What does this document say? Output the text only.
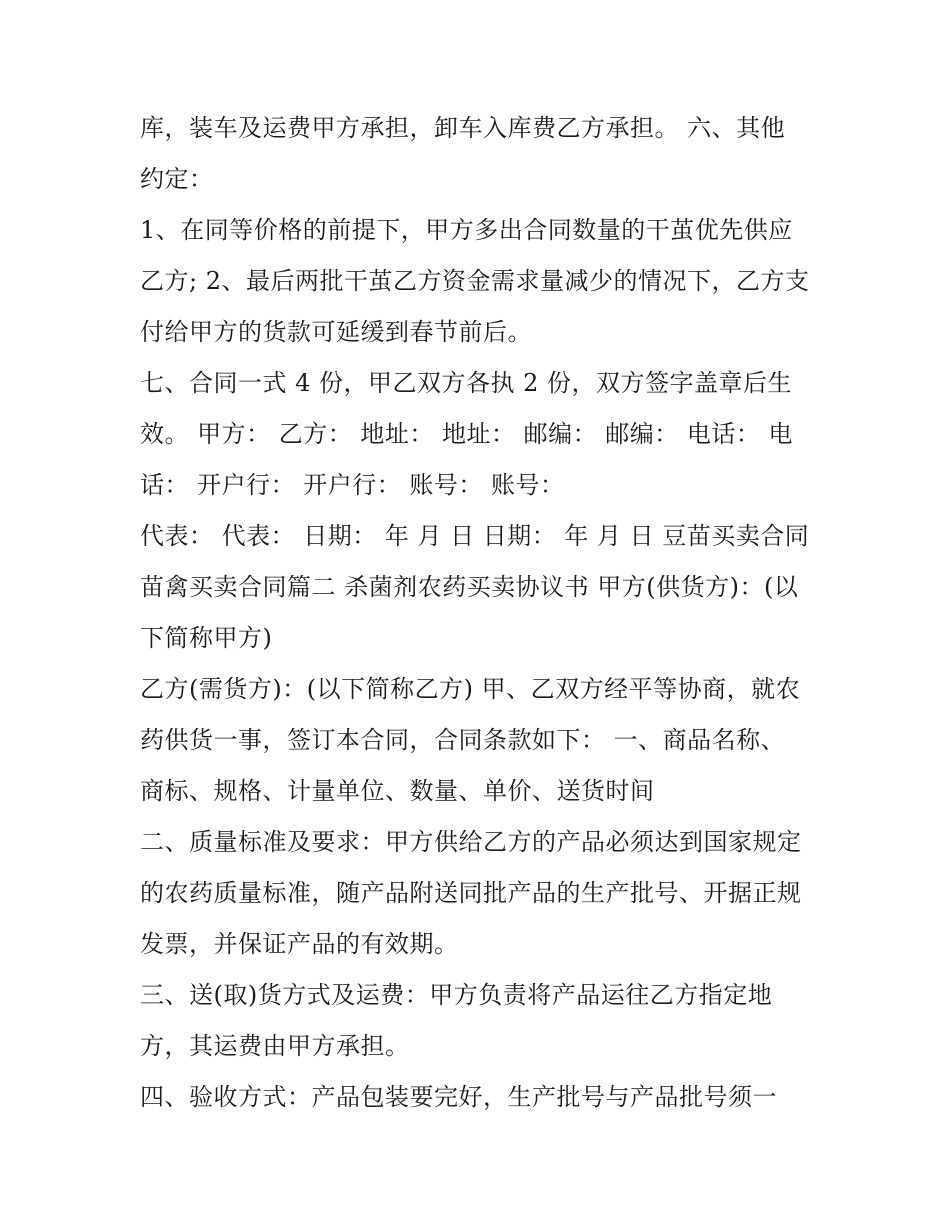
库，装车及运费甲方承担，卸车入库费乙方承担。 六、其他
约定：
1、在同等价格的前提下，甲方多出合同数量的干茧优先供应
乙方; 2、最后两批干茧乙方资金需求量减少的情况下，乙方支
付给甲方的货款可延缓到春节前后。
七、合同一式 4 份，甲乙双方各执 2 份，双方签字盖章后生
效。 甲方： 乙方： 地址： 地址： 邮编： 邮编： 电话： 电
话： 开户行： 开户行： 账号： 账号：
代表： 代表： 日期： 年 月 日 日期： 年 月 日 豆苗买卖合同
苗禽买卖合同篇二 杀菌剂农药买卖协议书 甲方(供货方)：(以
下简称甲方)
乙方(需货方)：(以下简称乙方) 甲、乙双方经平等协商，就农
药供货一事，签订本合同，合同条款如下： 一、商品名称、
商标、规格、计量单位、数量、单价、送货时间
二、质量标准及要求：甲方供给乙方的产品必须达到国家规定
的农药质量标准，随产品附送同批产品的生产批号、开据正规
发票，并保证产品的有效期。
三、送(取)货方式及运费：甲方负责将产品运往乙方指定地
方，其运费由甲方承担。
四、验收方式：产品包装要完好，生产批号与产品批号须一
